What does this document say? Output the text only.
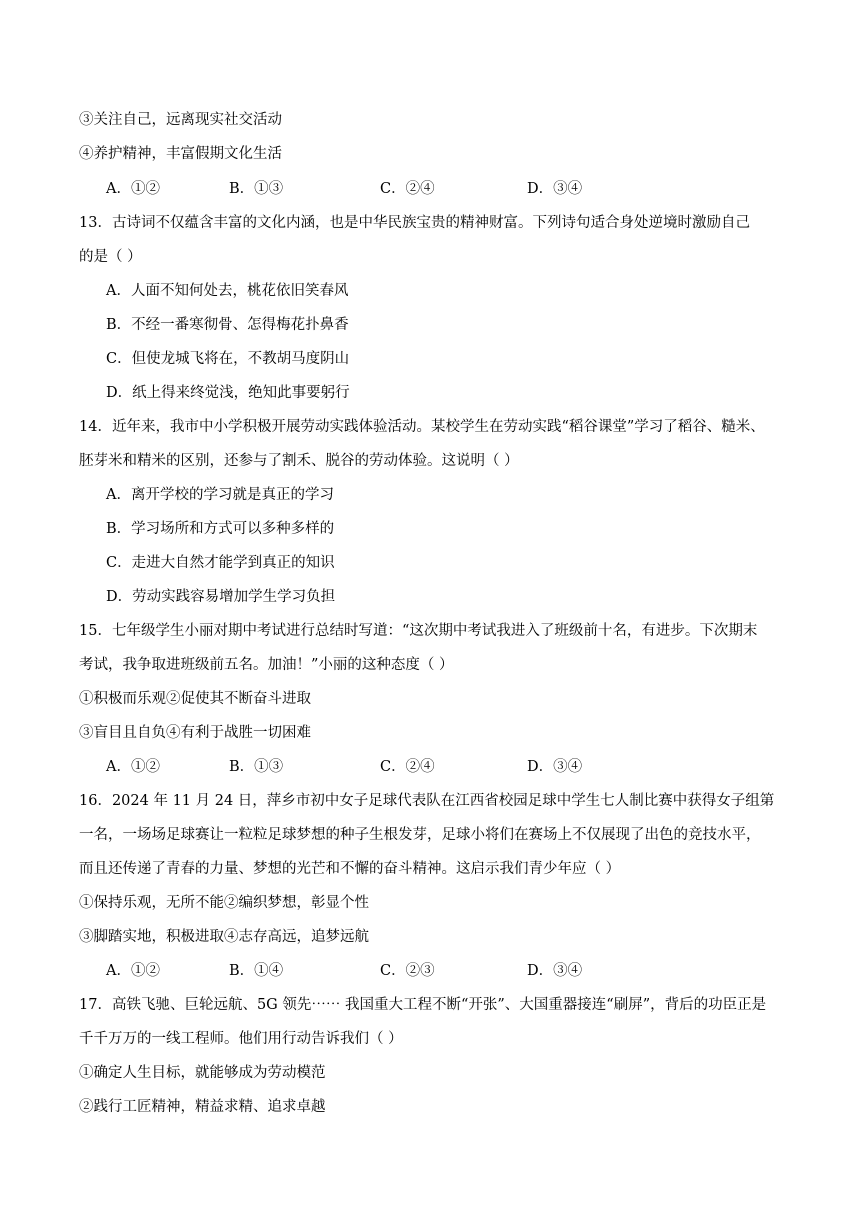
③关注自己，远离现实社交活动
④养护精神，丰富假期文化生活
A．①②	B．①③	C．②④	D．③④
13．古诗词不仅蕴含丰富的文化内涵，也是中华民族宝贵的精神财富。下列诗句适合身处逆境时激励自己
的是（ ）
A．人面不知何处去，桃花依旧笑春风
B．不经一番寒彻骨、怎得梅花扑鼻香
C．但使龙城飞将在，不教胡马度阴山
D．纸上得来终觉浅，绝知此事要躬行
14．近年来，我市中小学积极开展劳动实践体验活动。某校学生在劳动实践“稻谷课堂”学习了稻谷、糙米、
胚芽米和精米的区别，还参与了割禾、脱谷的劳动体验。这说明（ ）
A．离开学校的学习就是真正的学习
B．学习场所和方式可以多种多样的
C．走进大自然才能学到真正的知识
D．劳动实践容易增加学生学习负担
15．七年级学生小丽对期中考试进行总结时写道：“这次期中考试我进入了班级前十名，有进步。下次期末
考试，我争取进班级前五名。加油！”小丽的这种态度（ ）
①积极而乐观②促使其不断奋斗进取
③盲目且自负④有利于战胜一切困难
A．①②	B．①③	C．②④	D．③④
16．2024 年 11 月 24 日，萍乡市初中女子足球代表队在江西省校园足球中学生七人制比赛中获得女子组第
一名，一场场足球赛让一粒粒足球梦想的种子生根发芽，足球小将们在赛场上不仅展现了出色的竞技水平，
而且还传递了青春的力量、梦想的光芒和不懈的奋斗精神。这启示我们青少年应（ ）
①保持乐观，无所不能②编织梦想，彰显个性
③脚踏实地，积极进取④志存高远，追梦远航
A．①②	B．①④	C．②③	D．③④
17．高铁飞驰、巨轮远航、5G 领先⋯⋯ 我国重大工程不断“开张”、大国重器接连“刷屏”，背后的功臣正是
千千万万的一线工程师。他们用行动告诉我们（ ）
①确定人生目标，就能够成为劳动模范
②践行工匠精神，精益求精、追求卓越
